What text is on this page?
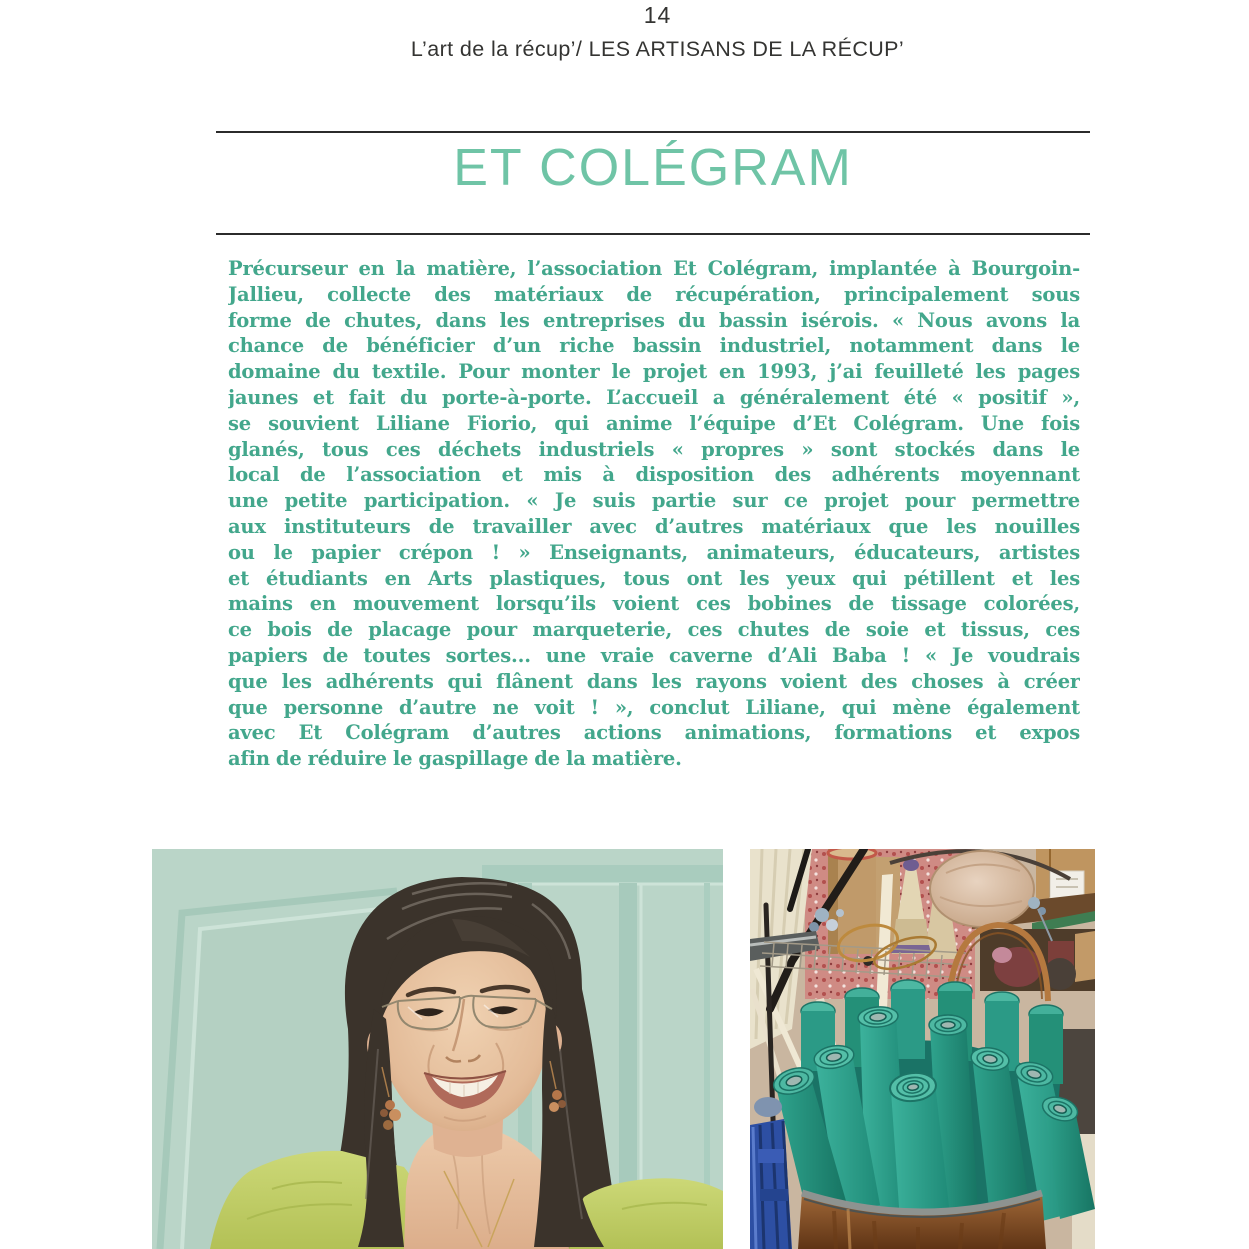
14
L’art de la récup’/ LES ARTISANS DE LA RÉCUP’
ET COLÉGRAM
Précurseur en la matière, l’association Et Colégram, implantée à Bourgoin-
Jallieu, collecte des matériaux de récupération, principalement sous
forme de chutes, dans les entreprises du bassin isérois. « Nous avons la
chance de bénéficier d’un riche bassin industriel, notamment dans le
domaine du textile. Pour monter le projet en 1993, j’ai feuilleté les pages
jaunes et fait du porte-à-porte. L’accueil a généralement été « positif »,
se souvient Liliane Fiorio, qui anime l’équipe d’Et Colégram. Une fois
glanés, tous ces déchets industriels « propres » sont stockés dans le
local de l’association et mis à disposition des adhérents moyennant
une petite participation. « Je suis partie sur ce projet pour permettre
aux instituteurs de travailler avec d’autres matériaux que les nouilles
ou le papier crépon ! » Enseignants, animateurs, éducateurs, artistes
et étudiants en Arts plastiques, tous ont les yeux qui pétillent et les
mains en mouvement lorsqu’ils voient ces bobines de tissage colorées,
ce bois de placage pour marqueterie, ces chutes de soie et tissus, ces
papiers de toutes sortes... une vraie caverne d’Ali Baba ! « Je voudrais
que les adhérents qui flânent dans les rayons voient des choses à créer
que personne d’autre ne voit ! », conclut Liliane, qui mène également
avec Et Colégram d’autres actions animations, formations et expos
afin de réduire le gaspillage de la matière.
